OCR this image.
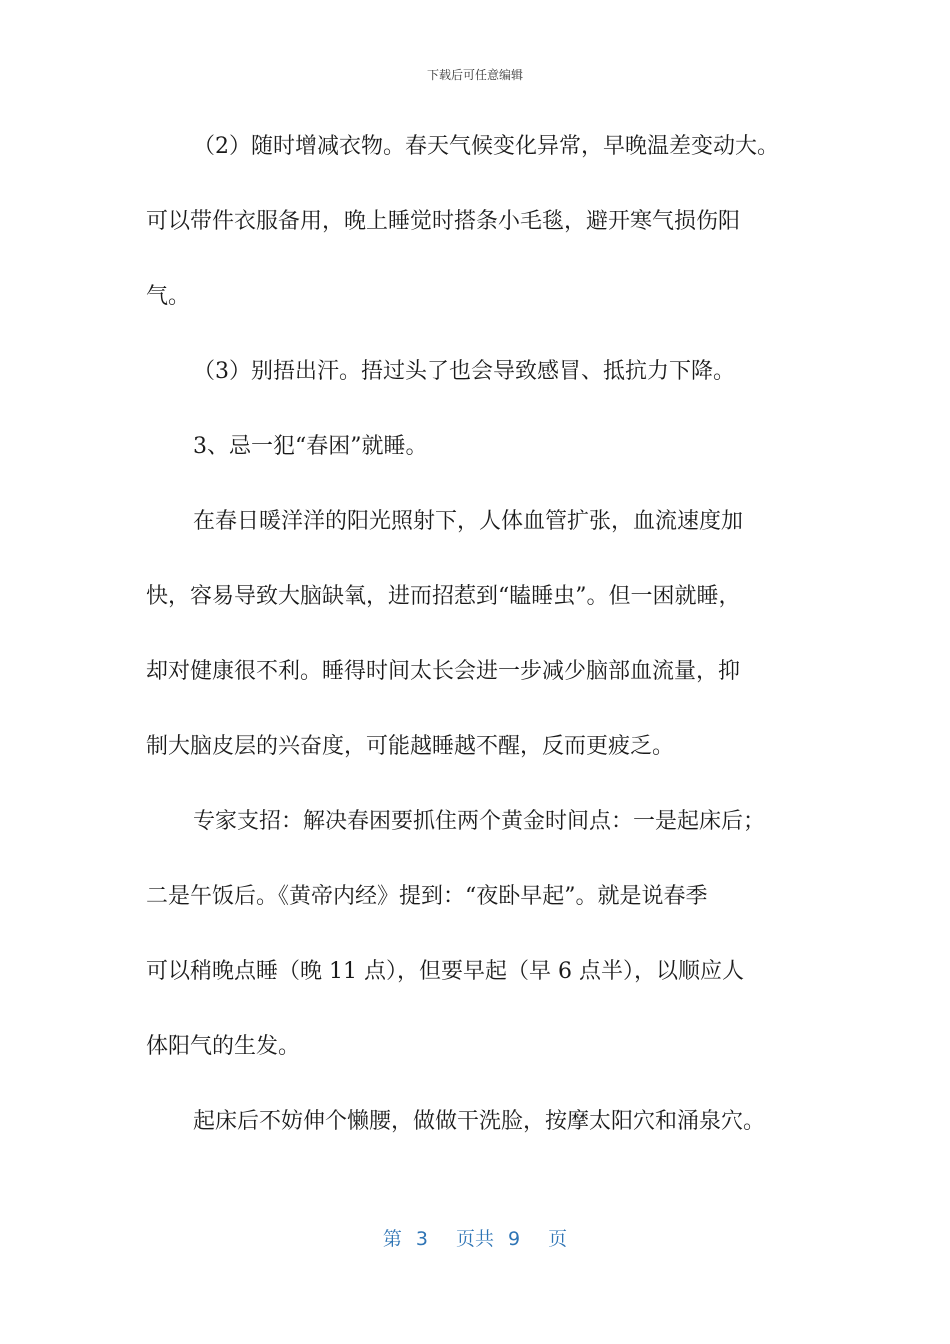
下载后可任意编辑
（2）随时增减衣物。春天气候变化异常，早晚温差变动大。
可以带件衣服备用，晚上睡觉时搭条小毛毯，避开寒气损伤阳
气。
（3）别捂出汗。捂过头了也会导致感冒、抵抗力下降。
3、忌一犯“春困”就睡。
在春日暖洋洋的阳光照射下，人体血管扩张，血流速度加
快，容易导致大脑缺氧，进而招惹到“瞌睡虫”。但一困就睡，
却对健康很不利。睡得时间太长会进一步减少脑部血流量，抑
制大脑皮层的兴奋度，可能越睡越不醒，反而更疲乏。
专家支招：解决春困要抓住两个黄金时间点：一是起床后；
二是午饭后。《黄帝内经》提到：“夜卧早起”。就是说春季
可以稍晚点睡（晚 11 点），但要早起（早 6 点半），以顺应人
体阳气的生发。
起床后不妨伸个懒腰，做做干洗脸，按摩太阳穴和涌泉穴。
第 3 页共 9 页
